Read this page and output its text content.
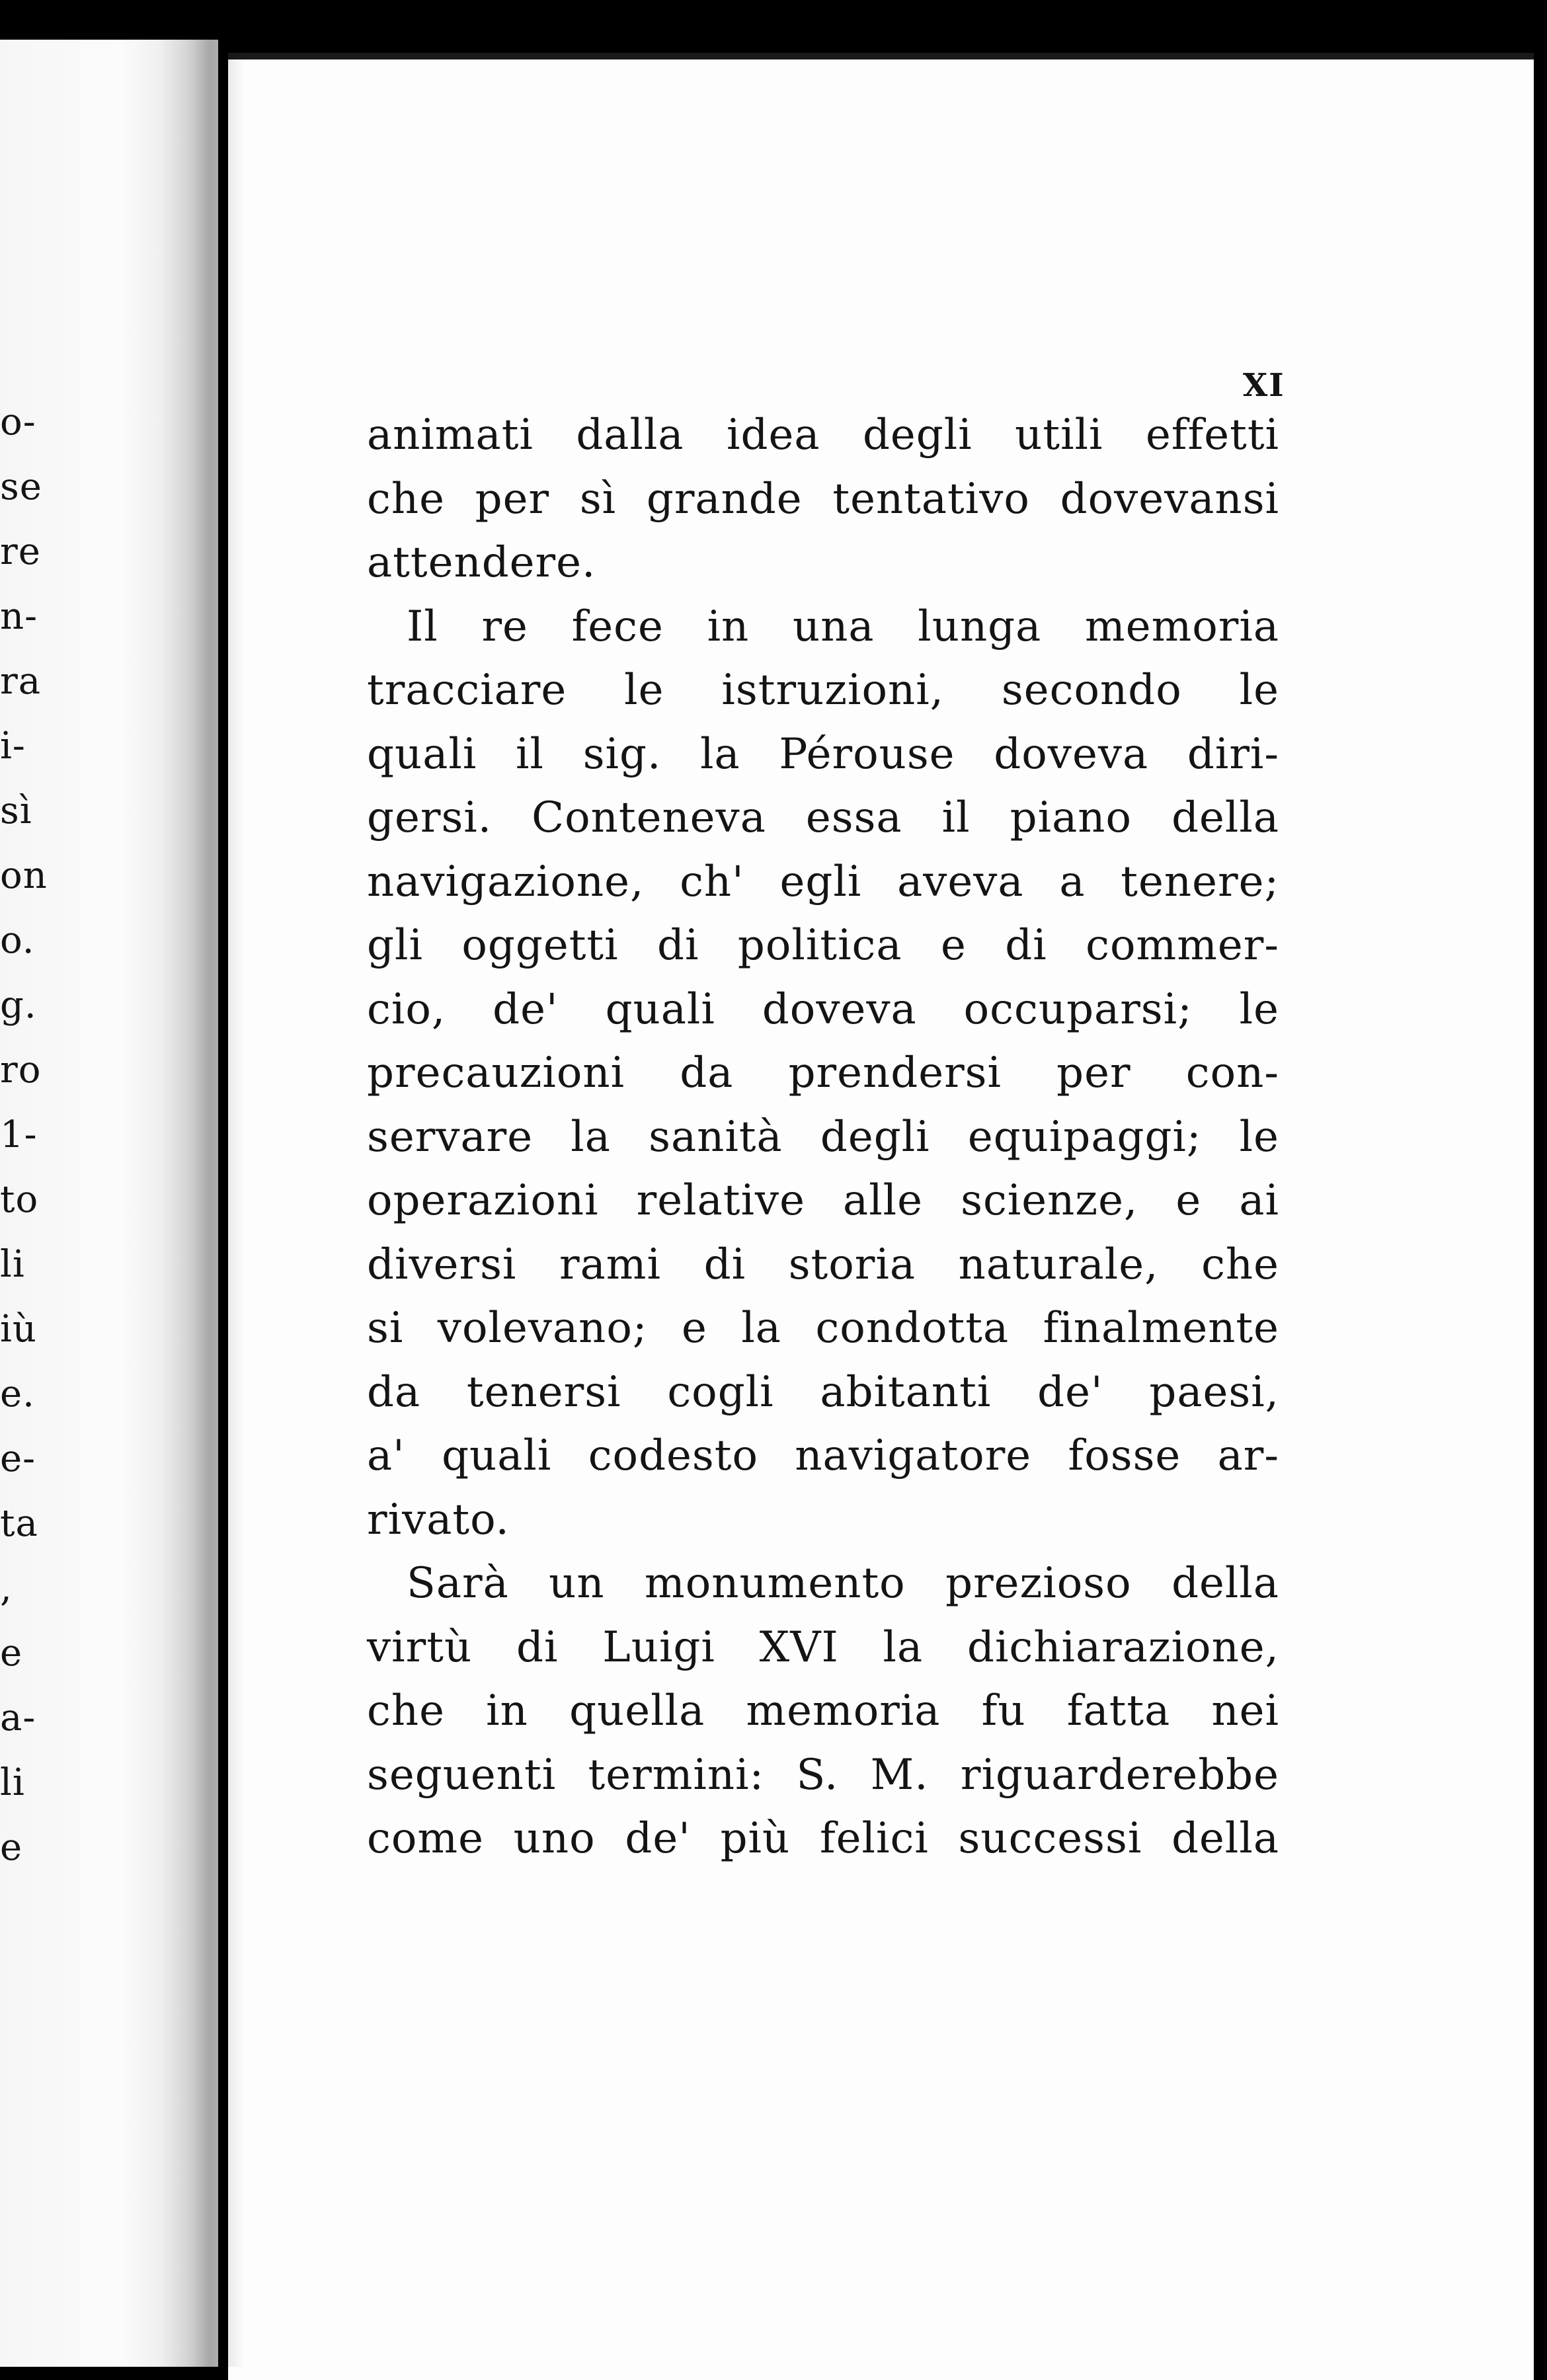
o-
se
re
n-
ra
i-
sì
on
o.
g.
ro
1-
to
li
iù
e.
e-
ta
,
e
a-
li
e
XI
animati dalla idea degli utili effetti
che per sì grande tentativo dovevansi
attendere.
Il re fece in una lunga memoria
tracciare le istruzioni, secondo le
quali il sig. la Pérouse doveva diri-
gersi. Conteneva essa il piano della
navigazione, ch' egli aveva a tenere;
gli oggetti di politica e di commer-
cio, de' quali doveva occuparsi; le
precauzioni da prendersi per con-
servare la sanità degli equipaggi; le
operazioni relative alle scienze, e ai
diversi rami di storia naturale, che
si volevano; e la condotta finalmente
da tenersi cogli abitanti de' paesi,
a' quali codesto navigatore fosse ar-
rivato.
Sarà un monumento prezioso della
virtù di Luigi XVI la dichiarazione,
che in quella memoria fu fatta nei
seguenti termini: S. M. riguarderebbe
come uno de' più felici successi della
